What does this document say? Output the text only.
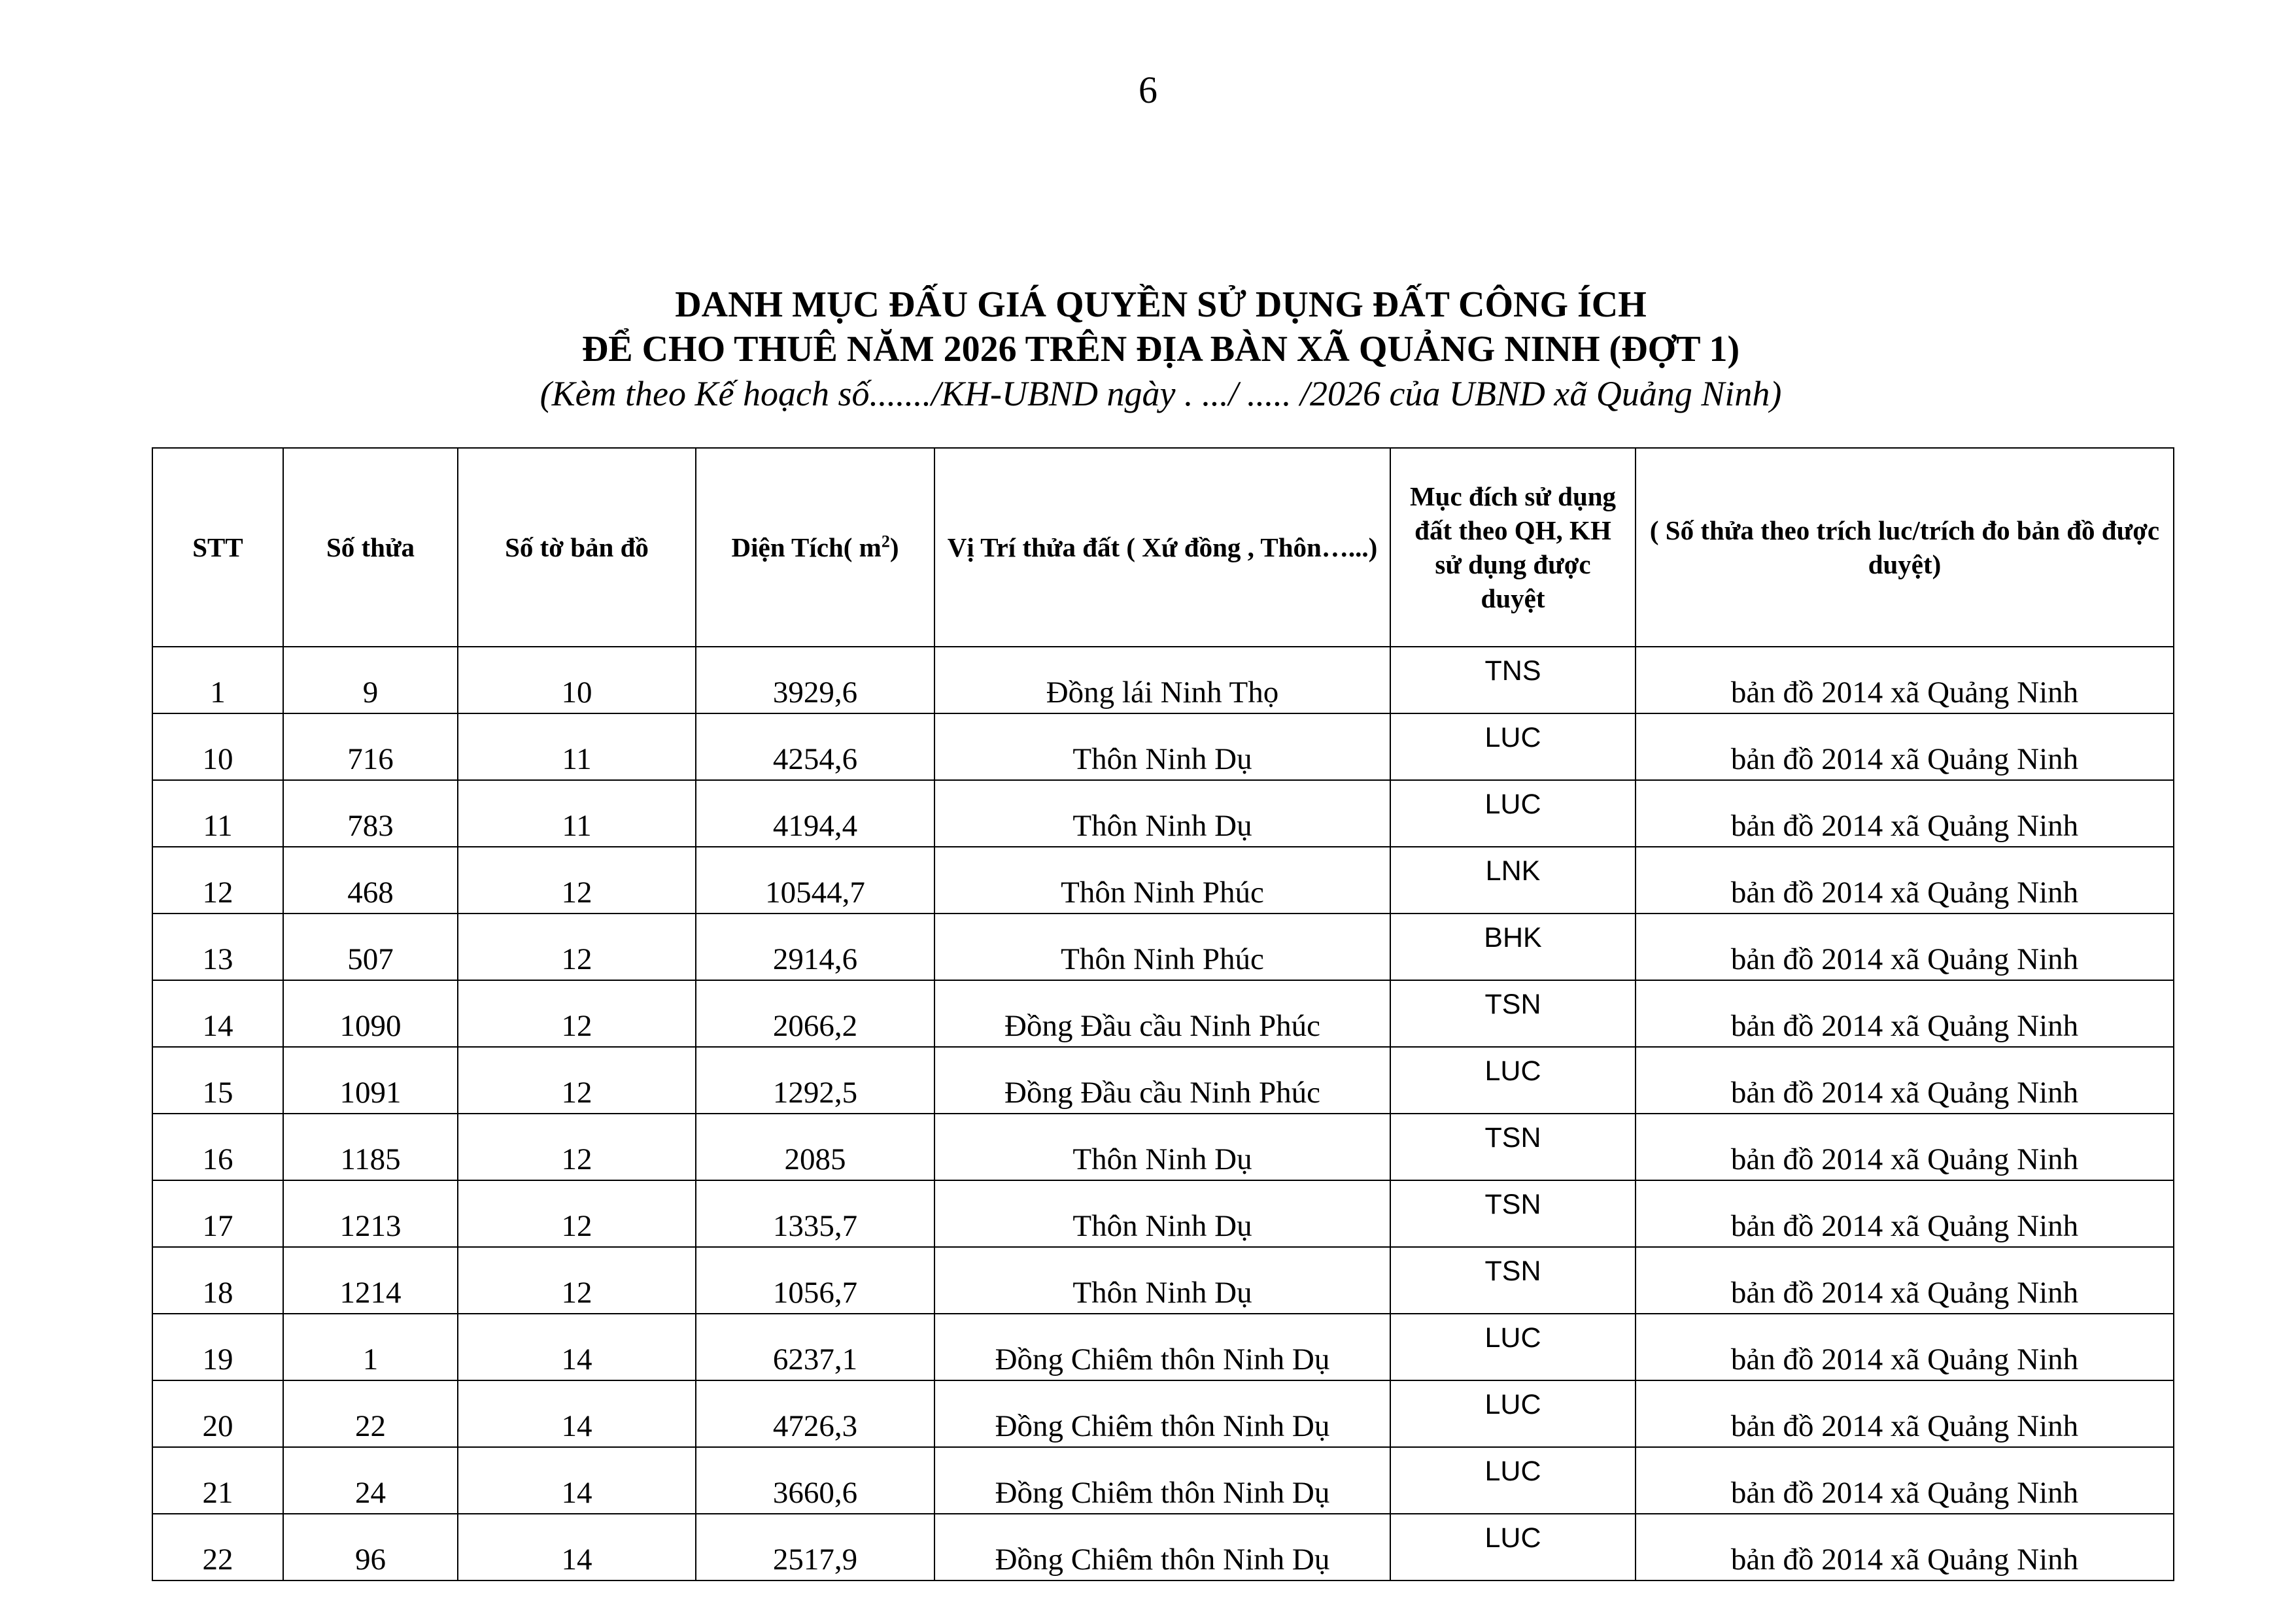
6
DANH MỤC ĐẤU GIÁ QUYỀN SỬ DỤNG ĐẤT CÔNG ÍCH
ĐỂ CHO THUÊ NĂM 2026 TRÊN ĐỊA BÀN XÃ QUẢNG NINH (ĐỢT 1)
(Kèm theo Kế hoạch số......./KH-UBND ngày . .../ ..... /2026 của UBND xã Quảng Ninh)
STT	Số thửa	Số tờ bản đồ	Diện Tích( $m^2$)	Vị Trí thửa đất ( Xứ đồng , Thôn…...)	Mục đích sử dụng đất theo QH, KH sử dụng được duyệt	( Số thửa theo trích luc/trích đo bản đồ được duyệt)
1	9	10	3929,6	Đồng lái Ninh Thọ	TNS	bản đồ 2014 xã Quảng Ninh
10	716	11	4254,6	Thôn Ninh Dụ	LUC	bản đồ 2014 xã Quảng Ninh
11	783	11	4194,4	Thôn Ninh Dụ	LUC	bản đồ 2014 xã Quảng Ninh
12	468	12	10544,7	Thôn Ninh Phúc	LNK	bản đồ 2014 xã Quảng Ninh
13	507	12	2914,6	Thôn Ninh Phúc	BHK	bản đồ 2014 xã Quảng Ninh
14	1090	12	2066,2	Đồng Đầu cầu Ninh Phúc	TSN	bản đồ 2014 xã Quảng Ninh
15	1091	12	1292,5	Đồng Đầu cầu Ninh Phúc	LUC	bản đồ 2014 xã Quảng Ninh
16	1185	12	2085	Thôn Ninh Dụ	TSN	bản đồ 2014 xã Quảng Ninh
17	1213	12	1335,7	Thôn Ninh Dụ	TSN	bản đồ 2014 xã Quảng Ninh
18	1214	12	1056,7	Thôn Ninh Dụ	TSN	bản đồ 2014 xã Quảng Ninh
19	1	14	6237,1	Đồng Chiêm thôn Ninh Dụ	LUC	bản đồ 2014 xã Quảng Ninh
20	22	14	4726,3	Đồng Chiêm thôn Ninh Dụ	LUC	bản đồ 2014 xã Quảng Ninh
21	24	14	3660,6	Đồng Chiêm thôn Ninh Dụ	LUC	bản đồ 2014 xã Quảng Ninh
22	96	14	2517,9	Đồng Chiêm thôn Ninh Dụ	LUC	bản đồ 2014 xã Quảng Ninh
